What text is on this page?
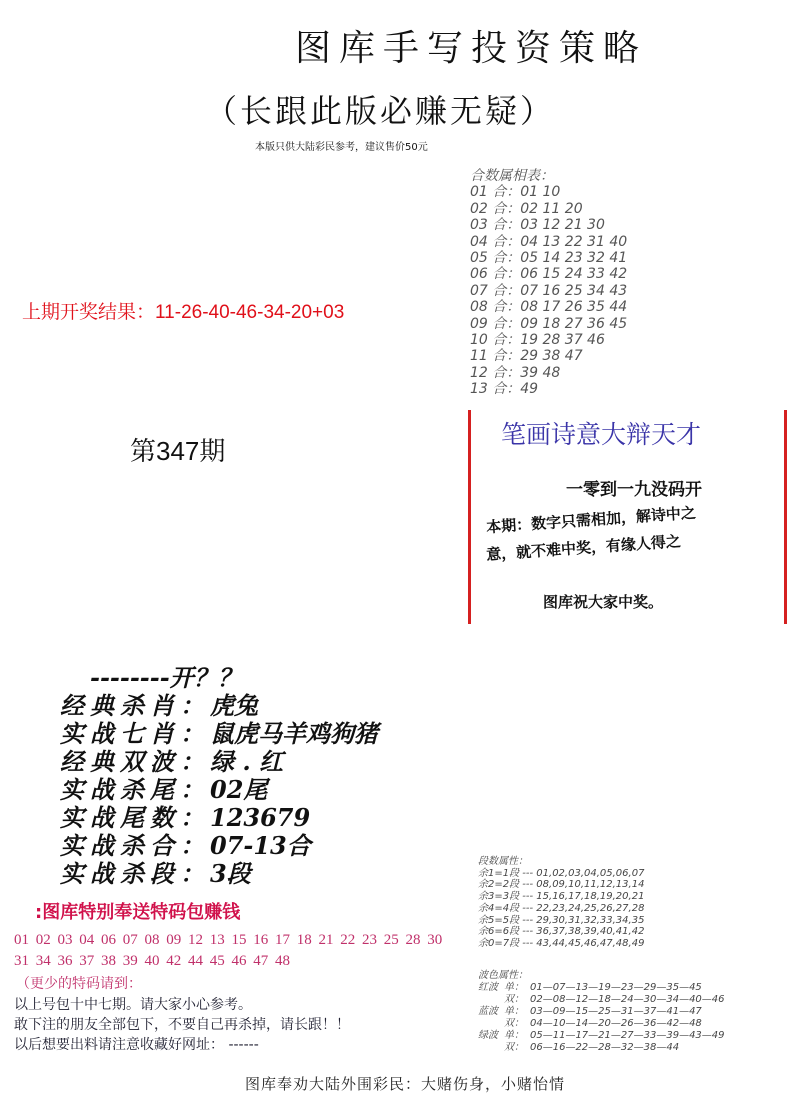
图库手写投资策略
（长跟此版必赚无疑）
本版只供大陆彩民参考，建议售价50元
上期开奖结果：11-26-40-46-34-20+03
第347期
合数属相表：
01 合：01 10
02 合：02 11 20
03 合：03 12 21 30
04 合：04 13 22 31 40
05 合：05 14 23 32 41
06 合：06 15 24 33 42
07 合：07 16 25 34 43
08 合：08 17 26 35 44
09 合：09 18 27 36 45
10 合：19 28 37 46
11 合：29 38 47
12 合：39 48
13 合：49
笔画诗意大辩天才
一零到一九没码开
本期：数字只需相加，解诗中之
意，就不难中奖，有缘人得之
图库祝大家中奖。
--------开？？
经典杀肖：虎兔
实战七肖：鼠虎马羊鸡狗猪
经典双波：绿 . 红
实战杀尾：02尾
实战尾数：123679
实战杀合：07-13合
实战杀段：3段
:图库特别奉送特码包赚钱
01 02 03 04 06 07 08 09 12 13 15 16 17 18 21 22 23 25 28 30 31 34 36 37 38 39 40 42 44 45 46 47 48
（更少的特码请到：
以上号包十中七期。请大家小心参考。
敢下注的朋友全部包下，不要自己再杀掉，请长跟！！
以后想要出料请注意收藏好网址： ------
段数属性：
余1=1段 --- 01,02,03,04,05,06,07
余2=2段 --- 08,09,10,11,12,13,14
余3=3段 --- 15,16,17,18,19,20,21
余4=4段 --- 22,23,24,25,26,27,28
余5=5段 --- 29,30,31,32,33,34,35
余6=6段 --- 36,37,38,39,40,41,42
余0=7段 --- 43,44,45,46,47,48,49
波色属性：
红波	单：	01—07—13—19—23—29—35—45
	双：	02—08—12—18—24—30—34—40—46
蓝波	单：	03—09—15—25—31—37—41—47
	双：	04—10—14—20—26—36—42—48
绿波	单：	05—11—17—21—27—33—39—43—49
	双：	06—16—22—28—32—38—44
图库奉劝大陆外围彩民：大赌伤身，小赌怡情
